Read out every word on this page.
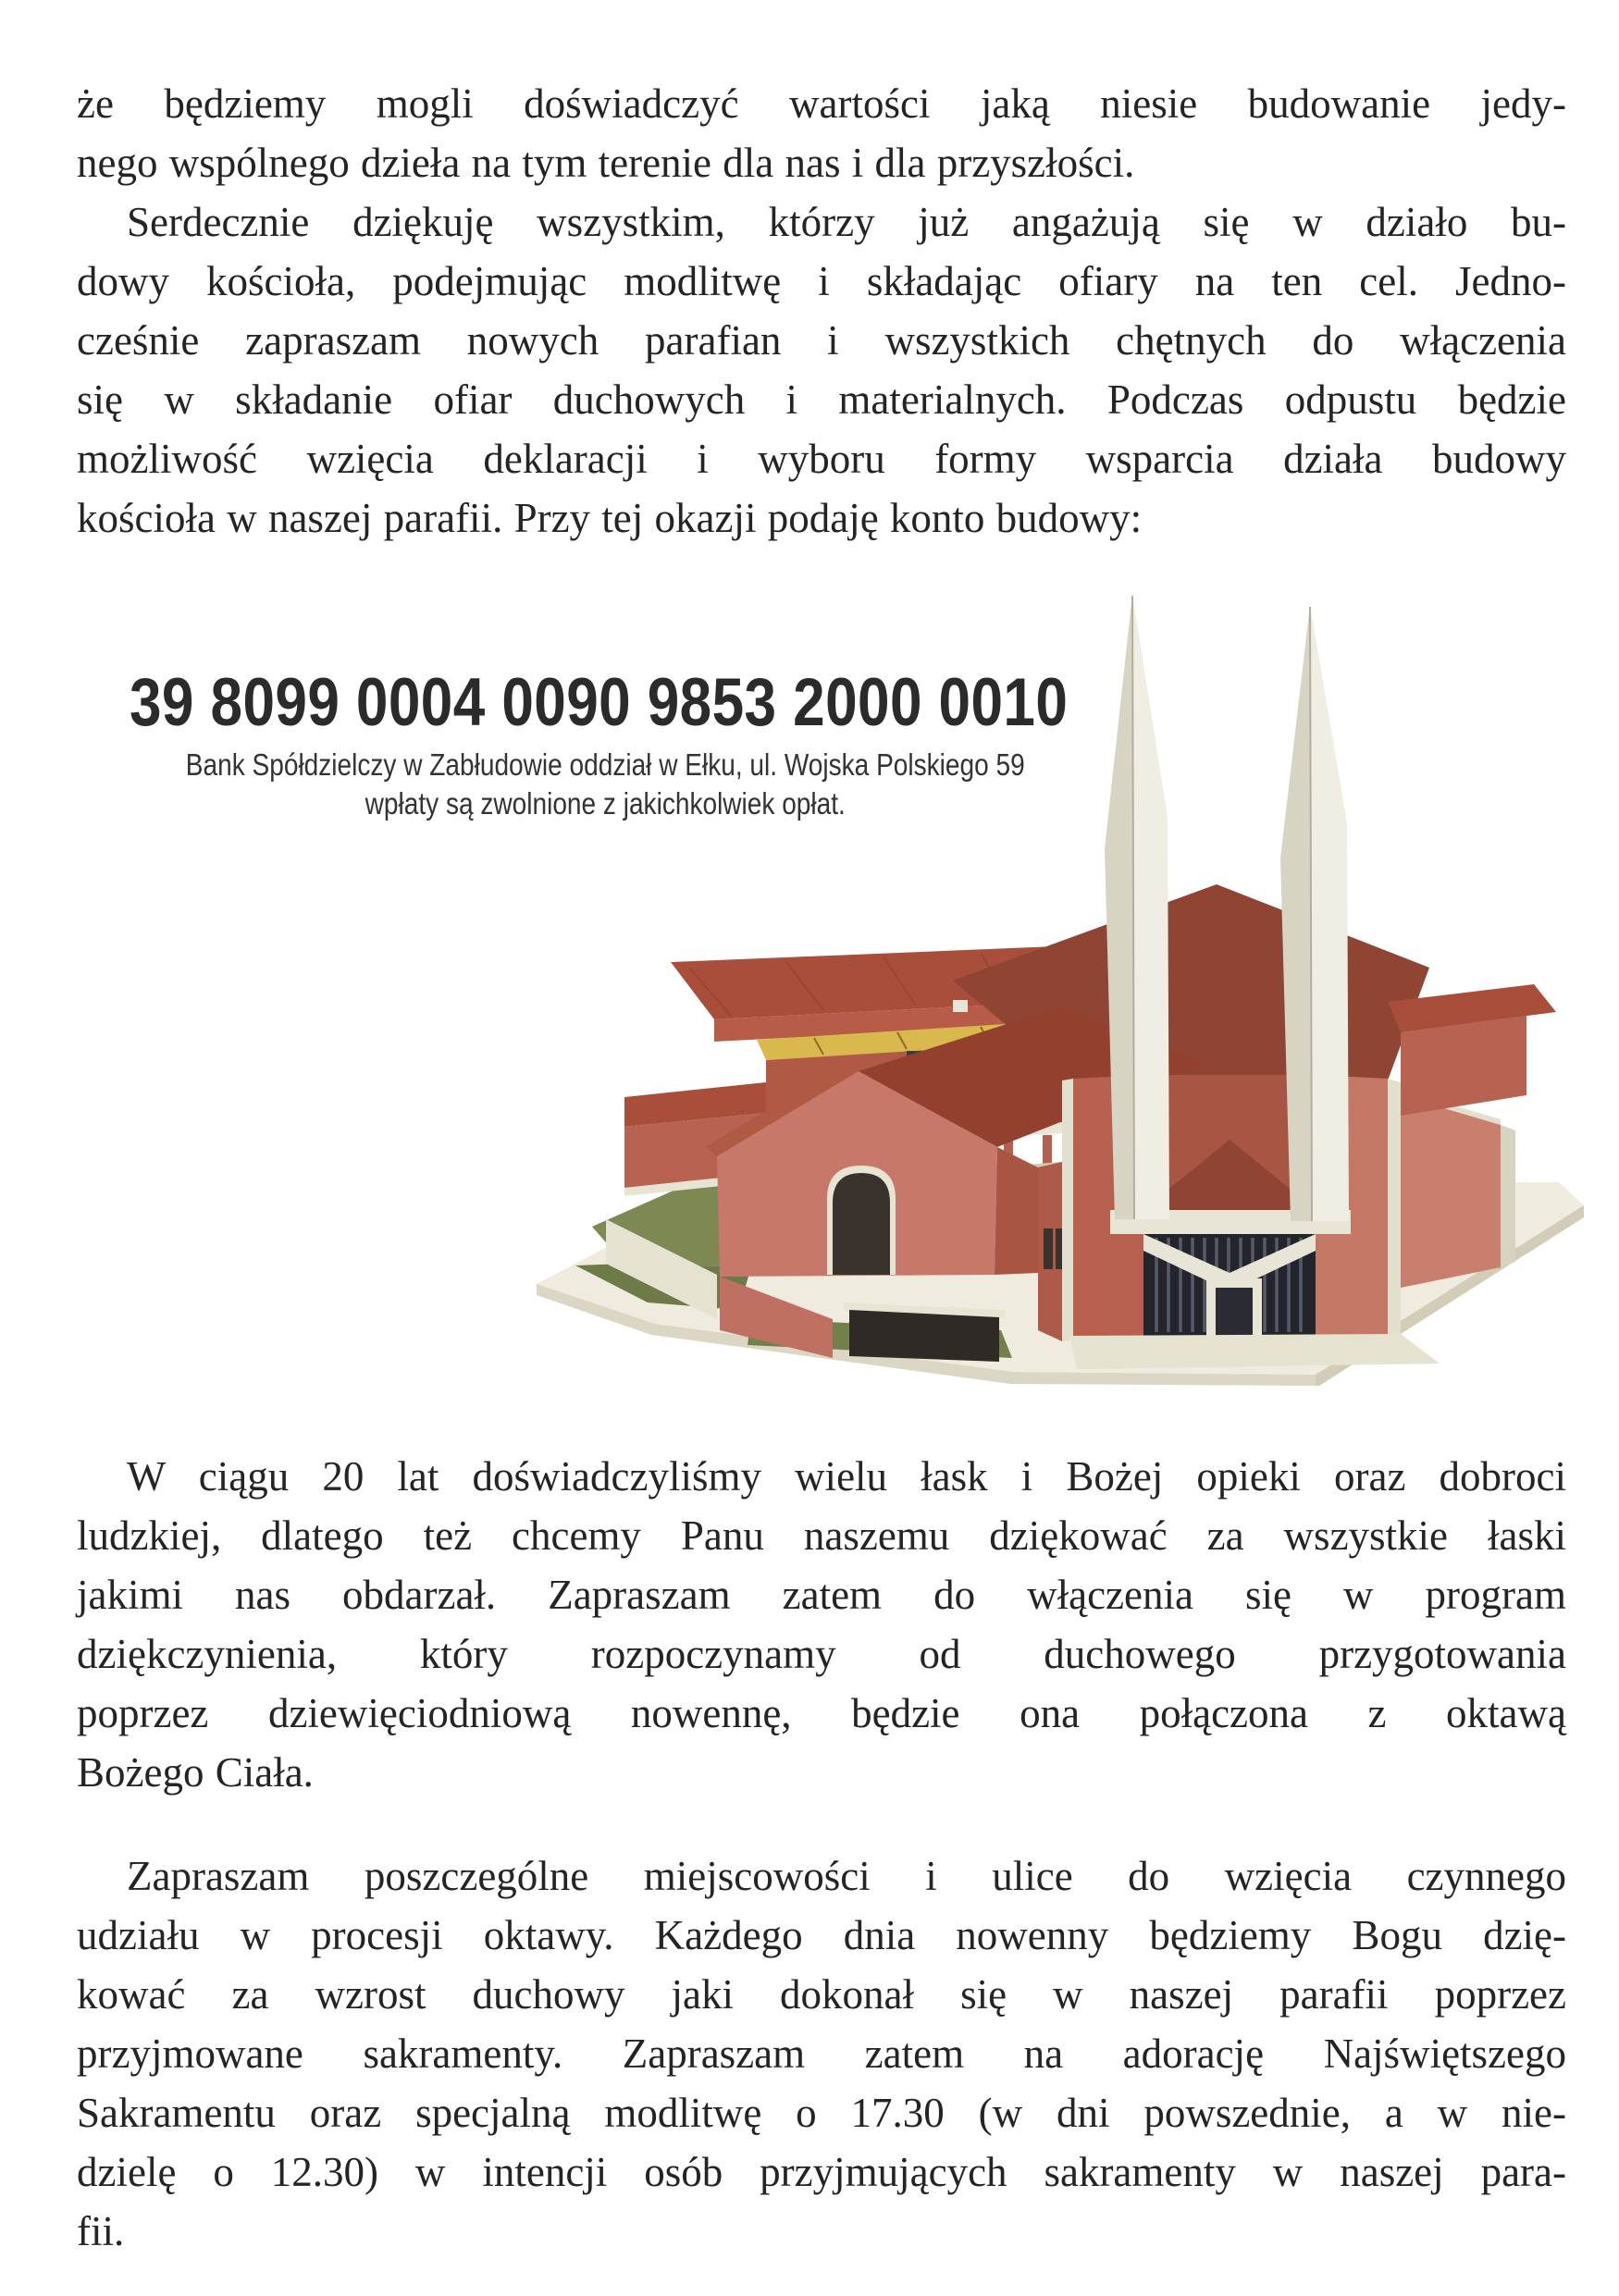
że będziemy mogli doświadczyć wartości jaką niesie budowanie jedy-
nego wspólnego dzieła na tym terenie dla nas i dla przyszłości.
Serdecznie dziękuję wszystkim, którzy już angażują się w działo bu-
dowy kościoła, podejmując modlitwę i składając ofiary na ten cel. Jedno-
cześnie zapraszam nowych parafian i wszystkich chętnych do włączenia
się w składanie ofiar duchowych i materialnych. Podczas odpustu będzie
możliwość wzięcia deklaracji i wyboru formy wsparcia działa budowy
kościoła w naszej parafii. Przy tej okazji podaję konto budowy:
39 8099 0004 0090 9853 2000 0010
Bank Spółdzielczy w Zabłudowie oddział w Ełku, ul. Wojska Polskiego 59
wpłaty są zwolnione z jakichkolwiek opłat.
W ciągu 20 lat doświadczyliśmy wielu łask i Bożej opieki oraz dobroci
ludzkiej, dlatego też chcemy Panu naszemu dziękować za wszystkie łaski
jakimi nas obdarzał. Zapraszam zatem do włączenia się w program
dziękczynienia, który rozpoczynamy od duchowego przygotowania
poprzez dziewięciodniową nowennę, będzie ona połączona z oktawą
Bożego Ciała.
Zapraszam poszczególne miejscowości i ulice do wzięcia czynnego
udziału w procesji oktawy. Każdego dnia nowenny będziemy Bogu dzię-
kować za wzrost duchowy jaki dokonał się w naszej parafii poprzez
przyjmowane sakramenty. Zapraszam zatem na adorację Najświętszego
Sakramentu oraz specjalną modlitwę o 17.30 (w dni powszednie, a w nie-
dzielę o 12.30) w intencji osób przyjmujących sakramenty w naszej para-
fii.
